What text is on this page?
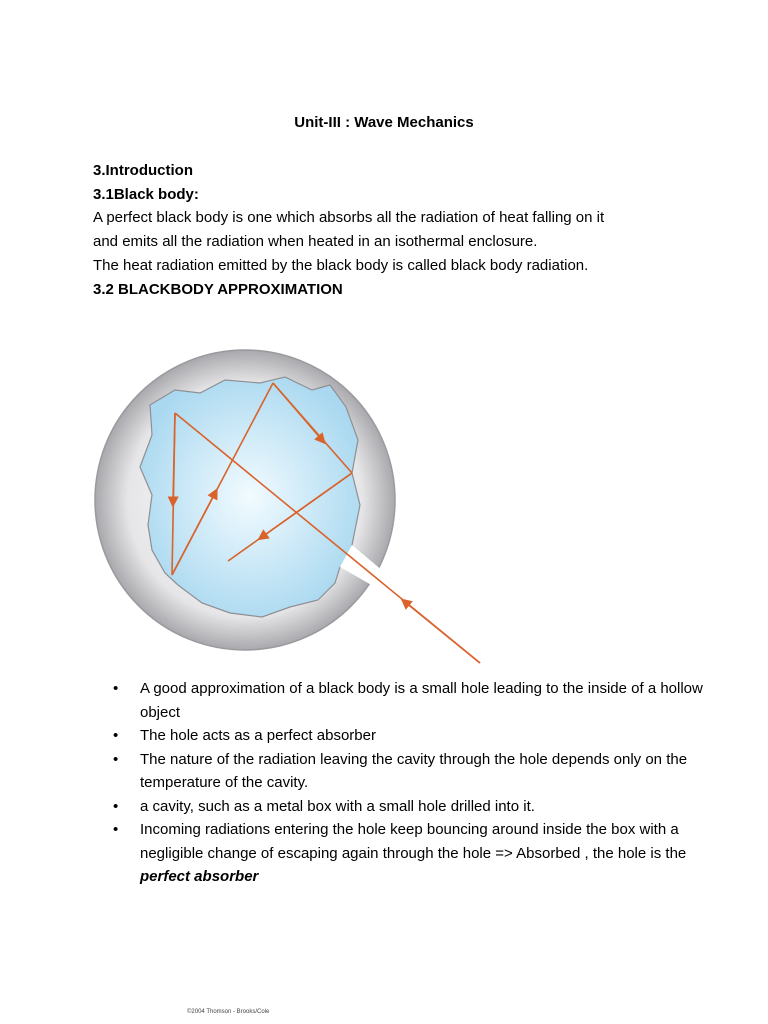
Unit-III : Wave Mechanics
3.Introduction
3.1Black body:
A perfect black body is one which absorbs all the radiation of heat falling on it
and emits all the radiation when heated in an isothermal enclosure.
The heat radiation emitted by the black body is called black body radiation.
3.2 BLACKBODY APPROXIMATION
©2004 Thomson - Brooks/Cole
• A good approximation of a black body is a small hole leading to the inside of a hollow object
• The hole acts as a perfect absorber
• The nature of the radiation leaving the cavity through the hole depends only on the temperature of the cavity.
• a cavity, such as a metal box with a small hole drilled into it.
• Incoming radiations entering the hole keep bouncing around inside the box with a negligible change of escaping again through the hole => Absorbed , the hole is the perfect absorber
